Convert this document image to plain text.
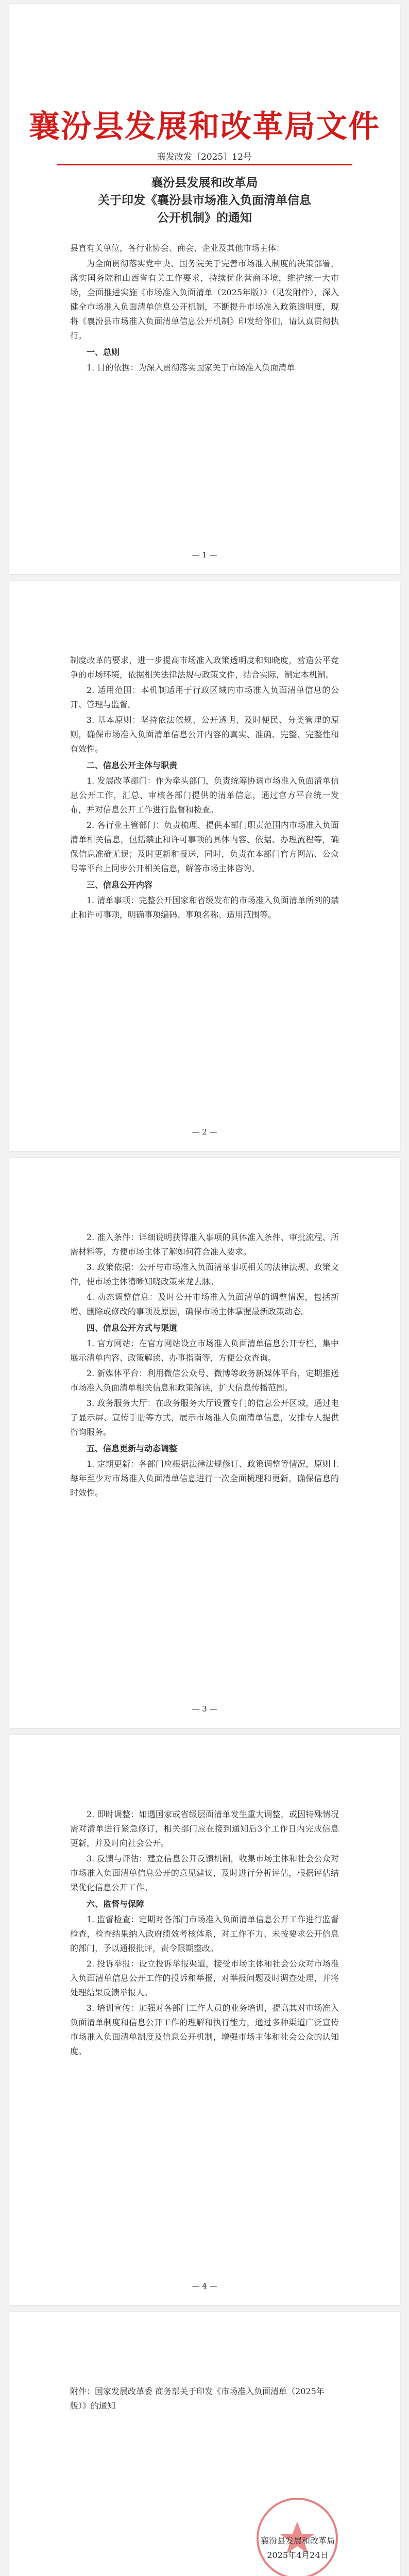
襄汾县发展和改革局文件
襄发改发〔2025〕12号
襄汾县发展和改革局
关于印发《襄汾县市场准入负面清单信息
公开机制》的通知

县直有关单位，各行业协会、商会、企业及其他市场主体：

为全面贯彻落实党中央、国务院关于完善市场准入制度的决策部署，落实国务院和山西省有关工作要求，持续优化营商环境，维护统一大市场，全面推进实施《市场准入负面清单（2025年版）》（见发附件），深入健全市场准入负面清单信息公开机制，不断提升市场准入政策透明度，现将《襄汾县市场准入负面清单信息公开机制》印发给你们，请认真贯彻执行。

一、总则

1. 目的依据：为深入贯彻落实国家关于市场准入负面清单

— 1 —

制度改革的要求，进一步提高市场准入政策透明度和知晓度，营造公平竞争的市场环境，依据相关法律法规与政策文件，结合实际，制定本机制。

2. 适用范围：本机制适用于行政区域内市场准入负面清单信息的公开、管理与监督。

3. 基本原则：坚持依法依规、公开透明、及时便民、分类管理的原则，确保市场准入负面清单信息公开内容的真实、准确、完整、完整性和有效性。

二、信息公开主体与职责

1. 发展改革部门：作为牵头部门，负责统筹协调市场准入负面清单信息公开工作，汇总、审核各部门提供的清单信息，通过官方平台统一发布，并对信息公开工作进行监督和检查。

2. 各行业主管部门：负责梳理、提供本部门职责范围内市场准入负面清单相关信息，包括禁止和许可事项的具体内容、依据、办理流程等，确保信息准确无误；及时更新和报送，同时，负责在本部门官方网站、公众号等平台上同步公开相关信息，解答市场主体咨询。

三、信息公开内容

1. 清单事项：完整公开国家和省级发布的市场准入负面清单所列的禁止和许可事项，明确事项编码、事项名称、适用范围等。

— 2 —

2. 准入条件：详细说明获得准入事项的具体准入条件、审批流程、所需材料等，方便市场主体了解如何符合准入要求。

3. 政策依据：公开与市场准入负面清单事项相关的法律法规、政策文件，使市场主体清晰知晓政策来龙去脉。

4. 动态调整信息：及时公开市场准入负面清单的调整情况，包括新增、删除或修改的事项及原因，确保市场主体掌握最新政策动态。

四、信息公开方式与渠道

1. 官方网站：在官方网站设立市场准入负面清单信息公开专栏，集中展示清单内容、政策解读、办事指南等，方便公众查询。

2. 新媒体平台：利用微信公众号、微博等政务新媒体平台，定期推送市场准入负面清单相关信息和政策解读，扩大信息传播范围。

3. 政务服务大厅：在政务服务大厅设置专门的信息公开区域，通过电子显示屏、宣传手册等方式，展示市场准入负面清单信息，安排专人提供咨询服务。

五、信息更新与动态调整

1. 定期更新：各部门应根据法律法规修订、政策调整等情况，原则上每年至少对市场准入负面清单信息进行一次全面梳理和更新，确保信息的时效性。

— 3 —

2. 即时调整：如遇国家或省级层面清单发生重大调整，或因特殊情况需对清单进行紧急修订，相关部门应在接到通知后3个工作日内完成信息更新，并及时向社会公开。

3. 反馈与评估：建立信息公开反馈机制，收集市场主体和社会公众对市场准入负面清单信息公开的意见建议，及时进行分析评估，根据评估结果优化信息公开工作。

六、监督与保障

1. 监督检查：定期对各部门市场准入负面清单信息公开工作进行监督检查，检查结果纳入政府绩效考核体系，对工作不力、未按要求公开信息的部门，予以通报批评，责令限期整改。

2. 投诉举报：设立投诉举报渠道，接受市场主体和社会公众对市场准入负面清单信息公开工作的投诉和举报，对举报问题及时调查处理，并将处理结果反馈举报人。

3. 培训宣传：加强对各部门工作人员的业务培训，提高其对市场准入负面清单制度和信息公开工作的理解和执行能力，通过多种渠道广泛宣传市场准入负面清单制度及信息公开机制，增强市场主体和社会公众的认知度。

— 4 —
附件：国家发展改革委 商务部关于印发《市场准入负面清单（2025年版）》的通知
襄汾县发展和改革局
2025年4月24日
